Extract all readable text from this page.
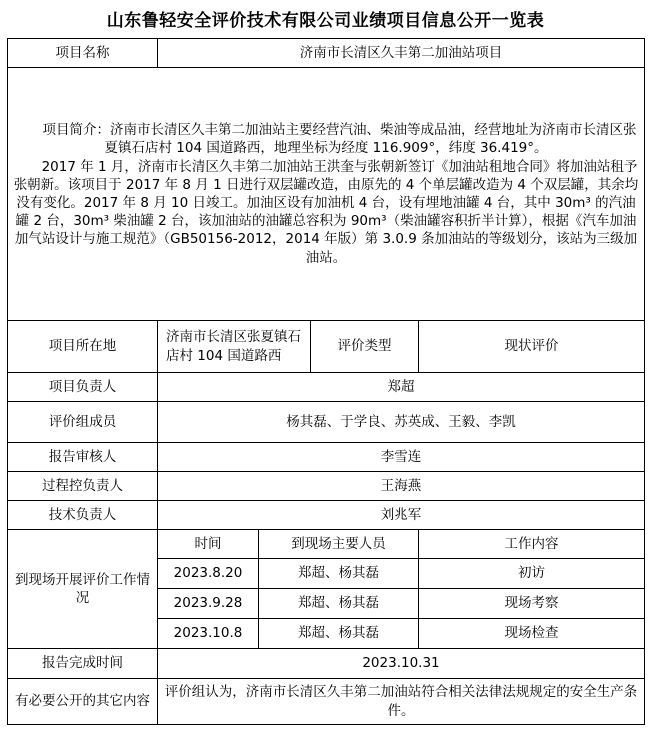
山东鲁轻安全评价技术有限公司业绩项目信息公开一览表
项目名称	济南市长清区久丰第二加油站项目			

项目简介：济南市长清区久丰第二加油站主要经营汽油、柴油等成品油，经营地址为济南市长清区张夏镇石店村 104 国道路西，地理坐标为经度 116.909°，纬度 36.419°。
2017 年 1 月，济南市长清区久丰第二加油站王洪奎与张朝新签订《加油站租地合同》将加油站租予张朝新。该项目于 2017 年 8 月 1 日进行双层罐改造，由原先的 4 个单层罐改造为 4 个双层罐，其余均没有变化。2017 年 8 月 10 日竣工。加油区设有加油机 4 台，设有埋地油罐 4 台，其中 30m³ 的汽油罐 2 台，30m³ 柴油罐 2 台，该加油站的油罐总容积为 90m³（柴油罐容积折半计算），根据《汽车加油加气站设计与施工规范》（GB50156-2012，2014 年版）第 3.0.9 条加油站的等级划分，该站为三级加油站。				

项目所在地	济南市长清区张夏镇石店村 104 国道路西		评价类型	现状评价
项目负责人	郑超			
评价组成员	杨其磊、于学良、苏英成、王毅、李凯			
报告审核人	李雪连			
过程控负责人	王海燕			
技术负责人	刘兆军			
到现场开展评价工作情况	时间	到现场主要人员		工作内容
	2023.8.20	郑超、杨其磊		初访
	2023.9.28	郑超、杨其磊		现场考察
	2023.10.8	郑超、杨其磊		现场检查
报告完成时间	2023.10.31			
有必要公开的其它内容	评价组认为，济南市长清区久丰第二加油站符合相关法律法规规定的安全生产条件。			
